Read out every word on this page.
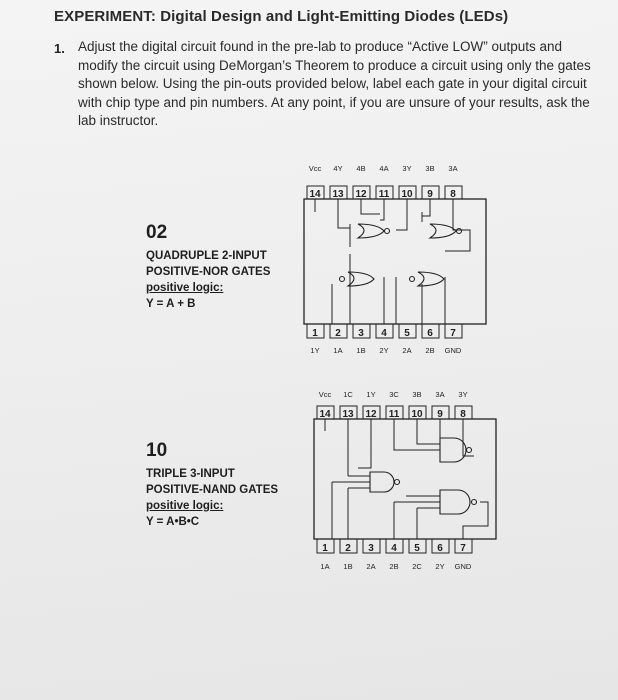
EXPERIMENT: Digital Design and Light-Emitting Diodes (LEDs)
1. Adjust the digital circuit found in the pre-lab to produce “Active LOW” outputs and modify the circuit using DeMorgan’s Theorem to produce a circuit using only the gates shown below. Using the pin-outs provided below, label each gate in your digital circuit with chip type and pin numbers. At any point, if you are unsure of your results, ask the lab instructor.
02
QUADRUPLE 2-INPUT
POSITIVE-NOR GATES
positive logic:
Y = A + B
10
TRIPLE 3-INPUT
POSITIVE-NAND GATES
positive logic:
Y = A•B•C
Vcc 4Y 4B 4A 3Y 3B 3A
14 13 12 11 10 9 8
1 2 3 4 5 6 7
1Y 1A 1B 2Y 2A 2B GND
Vcc 1C 1Y 3C 3B 3A 3Y
14 13 12 11 10 9 8
1 2 3 4 5 6 7
1A 1B 2A 2B 2C 2Y GND
